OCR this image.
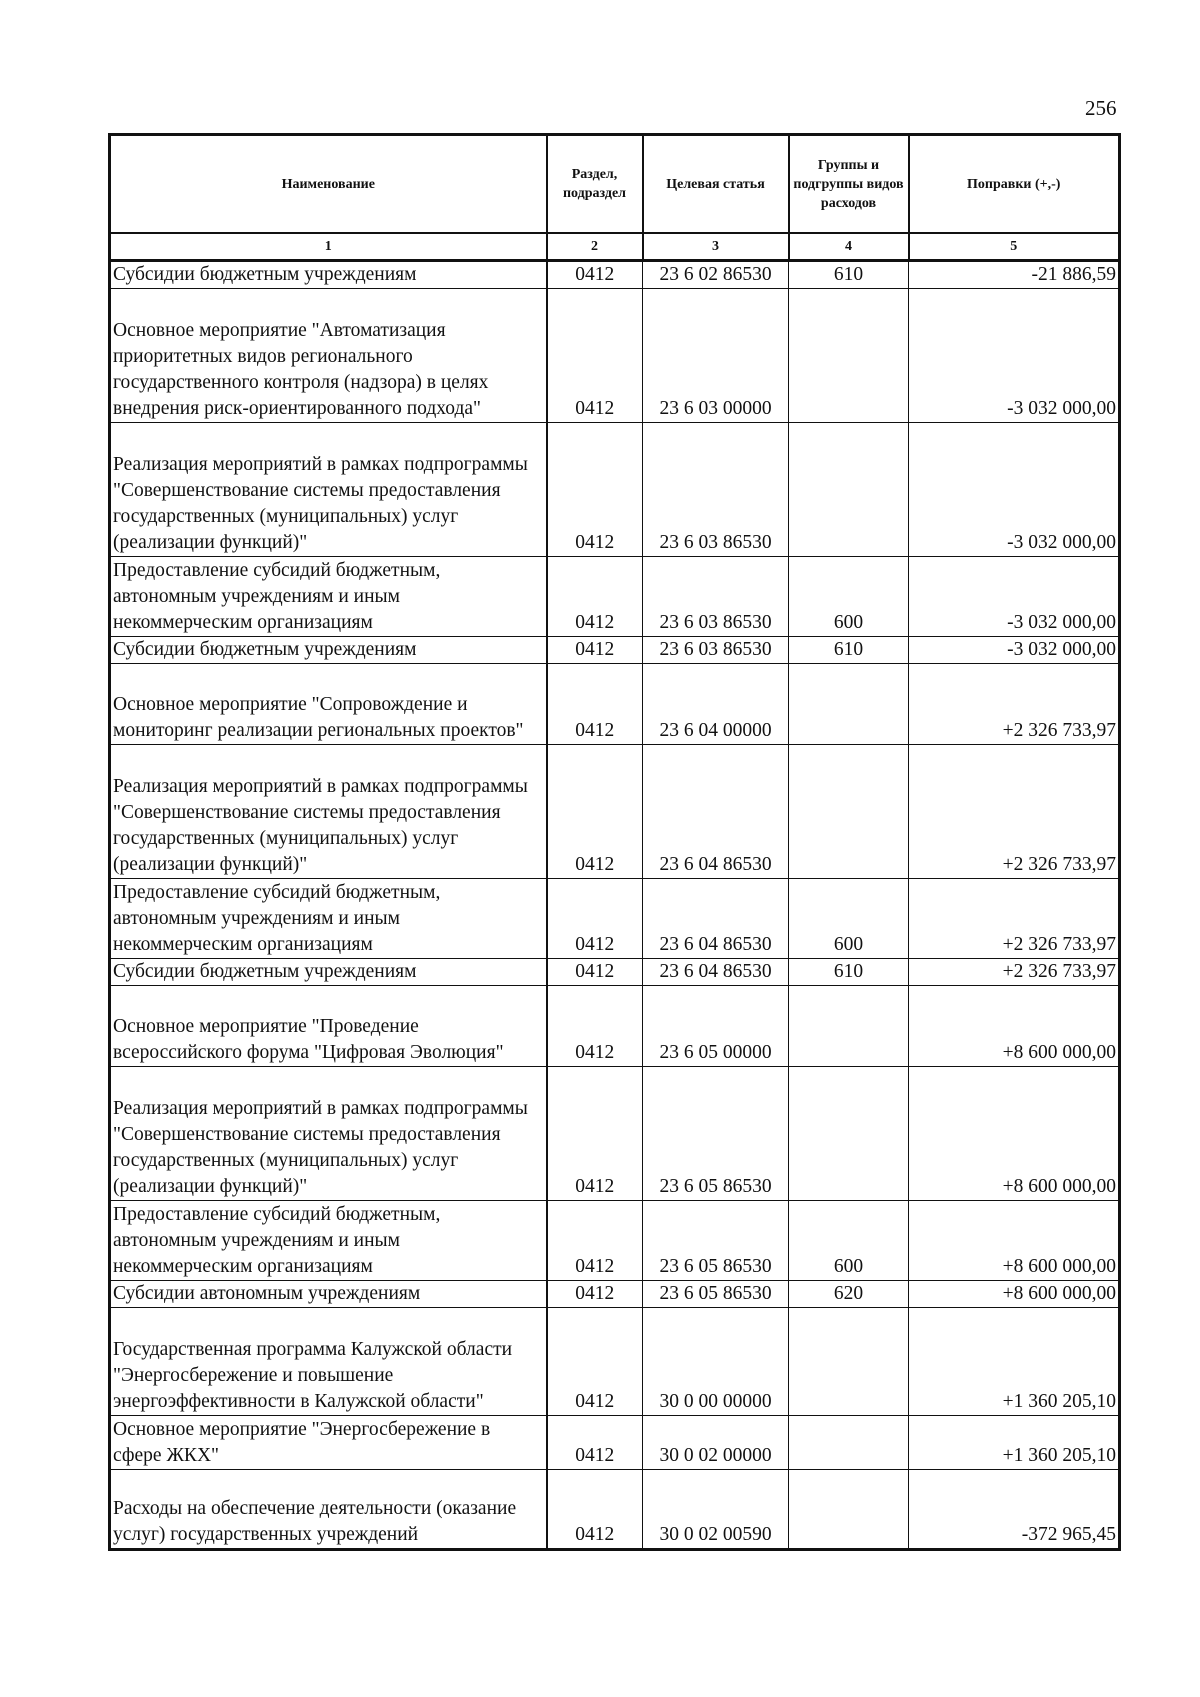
256
Наименование	Раздел, подраздел	Целевая статья	Группы и подгруппы видов расходов	Поправки (+,-)
1	2	3	4	5
Субсидии бюджетным учреждениям	0412	23 6 02 86530	610	-21 886,59
Основное мероприятие "Автоматизация приоритетных видов регионального государственного контроля (надзора) в целях внедрения риск-ориентированного подхода"	0412	23 6 03 00000		-3 032 000,00
Реализация мероприятий в рамках подпрограммы "Совершенствование системы предоставления государственных (муниципальных) услуг (реализации функций)"	0412	23 6 03 86530		-3 032 000,00
Предоставление субсидий бюджетным, автономным учреждениям и иным некоммерческим организациям	0412	23 6 03 86530	600	-3 032 000,00
Субсидии бюджетным учреждениям	0412	23 6 03 86530	610	-3 032 000,00
Основное мероприятие "Сопровождение и мониторинг реализации региональных проектов"	0412	23 6 04 00000		+2 326 733,97
Реализация мероприятий в рамках подпрограммы "Совершенствование системы предоставления государственных (муниципальных) услуг (реализации функций)"	0412	23 6 04 86530		+2 326 733,97
Предоставление субсидий бюджетным, автономным учреждениям и иным некоммерческим организациям	0412	23 6 04 86530	600	+2 326 733,97
Субсидии бюджетным учреждениям	0412	23 6 04 86530	610	+2 326 733,97
Основное мероприятие "Проведение всероссийского форума "Цифровая Эволюция"	0412	23 6 05 00000		+8 600 000,00
Реализация мероприятий в рамках подпрограммы "Совершенствование системы предоставления государственных (муниципальных) услуг (реализации функций)"	0412	23 6 05 86530		+8 600 000,00
Предоставление субсидий бюджетным, автономным учреждениям и иным некоммерческим организациям	0412	23 6 05 86530	600	+8 600 000,00
Субсидии автономным учреждениям	0412	23 6 05 86530	620	+8 600 000,00
Государственная программа Калужской области "Энергосбережение и повышение энергоэффективности в Калужской области"	0412	30 0 00 00000		+1 360 205,10
Основное мероприятие "Энергосбережение в сфере ЖКХ"	0412	30 0 02 00000		+1 360 205,10
Расходы на обеспечение деятельности (оказание услуг) государственных учреждений	0412	30 0 02 00590		-372 965,45
